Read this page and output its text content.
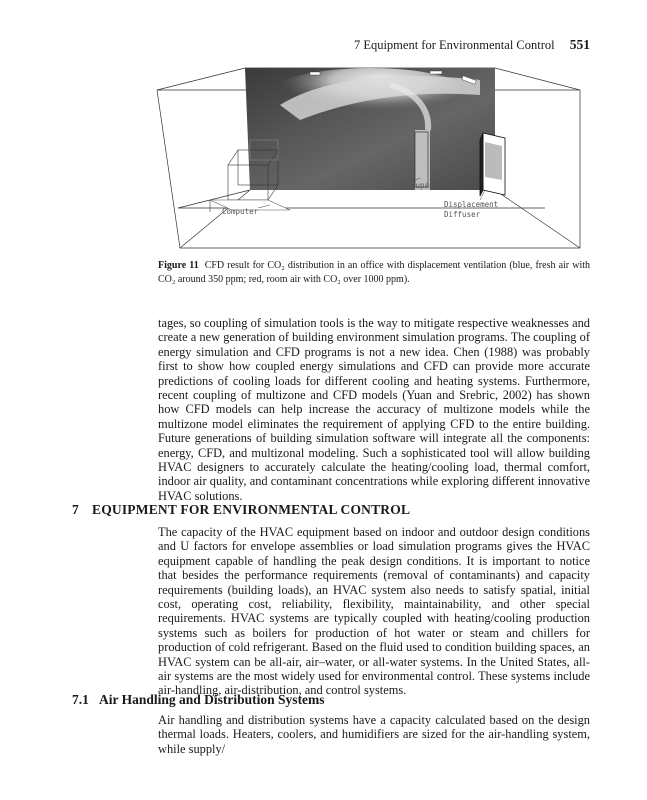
7 Equipment for Environmental Control 551
Occupant
Displacement
Diffuser
Computer
Figure 11 CFD result for CO₂ distribution in an office with displacement ventilation (blue, fresh air with CO₂ around 350 ppm; red, room air with CO₂ over 1000 ppm).

tages, so coupling of simulation tools is the way to mitigate respective weaknesses and create a new generation of building environment simulation programs. The coupling of energy simulation and CFD programs is not a new idea. Chen (1988) was probably first to show how coupled energy simulations and CFD can provide more accurate predictions of cooling loads for different cooling and heating systems. Furthermore, recent coupling of multizone and CFD models (Yuan and Srebric, 2002) has shown how CFD models can help increase the accuracy of multizone models while the multizone model eliminates the requirement of applying CFD to the entire building. Future generations of building simulation software will integrate all the components: energy, CFD, and multizonal modeling. Such a sophisticated tool will allow building HVAC designers to accurately calculate the heating/cooling load, thermal comfort, indoor air quality, and contaminant concentrations while exploring different innovative HVAC solutions.

7 EQUIPMENT FOR ENVIRONMENTAL CONTROL

The capacity of the HVAC equipment based on indoor and outdoor design conditions and U factors for envelope assemblies or load simulation programs gives the HVAC equipment capable of handling the peak design conditions. It is important to notice that besides the performance requirements (removal of contaminants) and capacity requirements (building loads), an HVAC system also needs to satisfy spatial, initial cost, operating cost, reliability, flexibility, maintainability, and other special requirements. HVAC systems are typically coupled with heating/cooling production systems such as boilers for production of hot water or steam and chillers for production of cold refrigerant. Based on the fluid used to condition building spaces, an HVAC system can be all-air, air–water, or all-water systems. In the United States, all-air systems are the most widely used for environmental control. These systems include air-handling, air-distribution, and control systems.

7.1 Air Handling and Distribution Systems

Air handling and distribution systems have a capacity calculated based on the design thermal loads. Heaters, coolers, and humidifiers are sized for the air-handling system, while supply/
